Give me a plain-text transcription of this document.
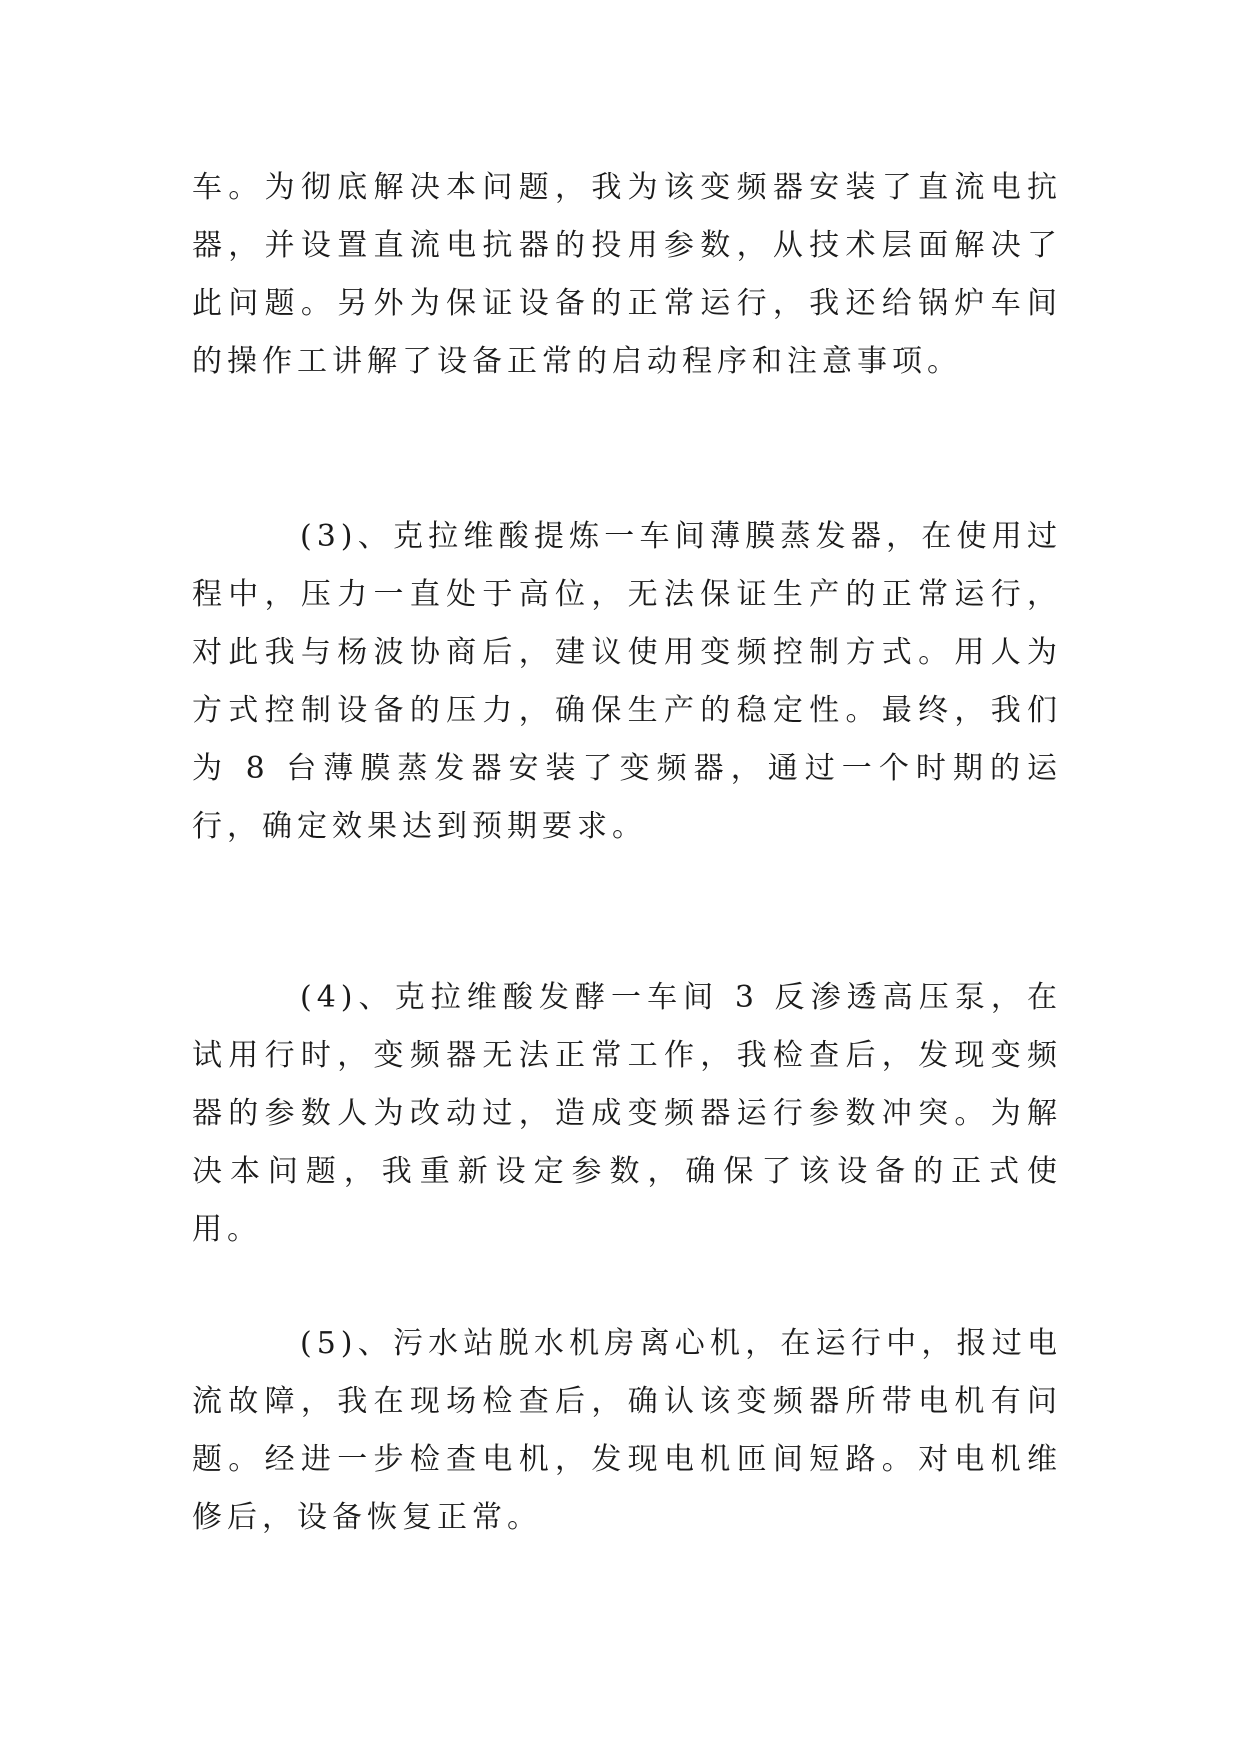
车。为彻底解决本问题，我为该变频器安装了直流电抗器，并设置直流电抗器的投用参数，从技术层面解决了此问题。另外为保证设备的正常运行，我还给锅炉车间的操作工讲解了设备正常的启动程序和注意事项。

(3)、克拉维酸提炼一车间薄膜蒸发器，在使用过程中，压力一直处于高位，无法保证生产的正常运行，对此我与杨波协商后，建议使用变频控制方式。用人为方式控制设备的压力，确保生产的稳定性。最终，我们为 8 台薄膜蒸发器安装了变频器，通过一个时期的运行，确定效果达到预期要求。

(4)、克拉维酸发酵一车间 3 反渗透高压泵，在试用行时，变频器无法正常工作，我检查后，发现变频器的参数人为改动过，造成变频器运行参数冲突。为解决本问题，我重新设定参数，确保了该设备的正式使用。

(5)、污水站脱水机房离心机，在运行中，报过电流故障，我在现场检查后，确认该变频器所带电机有问题。经进一步检查电机，发现电机匝间短路。对电机维修后，设备恢复正常。
